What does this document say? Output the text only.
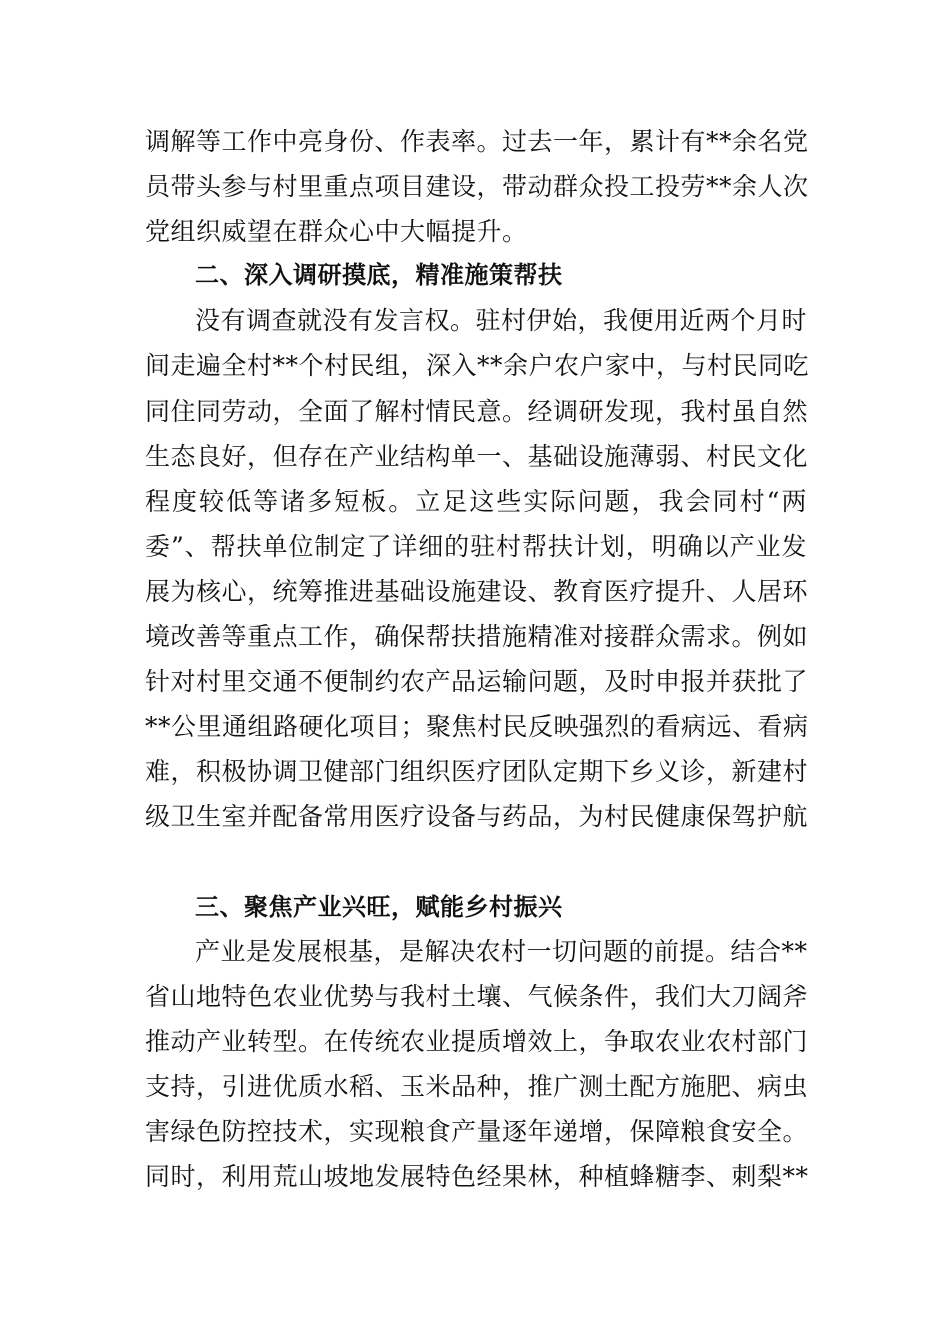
调解等工作中亮身份、作表率。过去一年，累计有**余名党
员带头参与村里重点项目建设，带动群众投工投劳**余人次
党组织威望在群众心中大幅提升。
二、深入调研摸底，精准施策帮扶
没有调查就没有发言权。驻村伊始，我便用近两个月时
间走遍全村**个村民组，深入**余户农户家中，与村民同吃
同住同劳动，全面了解村情民意。经调研发现，我村虽自然
生态良好，但存在产业结构单一、基础设施薄弱、村民文化
程度较低等诸多短板。立足这些实际问题，我会同村“两
委”、帮扶单位制定了详细的驻村帮扶计划，明确以产业发
展为核心，统筹推进基础设施建设、教育医疗提升、人居环
境改善等重点工作，确保帮扶措施精准对接群众需求。例如
针对村里交通不便制约农产品运输问题，及时申报并获批了
**公里通组路硬化项目；聚焦村民反映强烈的看病远、看病
难，积极协调卫健部门组织医疗团队定期下乡义诊，新建村
级卫生室并配备常用医疗设备与药品，为村民健康保驾护航
三、聚焦产业兴旺，赋能乡村振兴
产业是发展根基，是解决农村一切问题的前提。结合**
省山地特色农业优势与我村土壤、气候条件，我们大刀阔斧
推动产业转型。在传统农业提质增效上，争取农业农村部门
支持，引进优质水稻、玉米品种，推广测土配方施肥、病虫
害绿色防控技术，实现粮食产量逐年递增，保障粮食安全。
同时，利用荒山坡地发展特色经果林，种植蜂糖李、刺梨**
